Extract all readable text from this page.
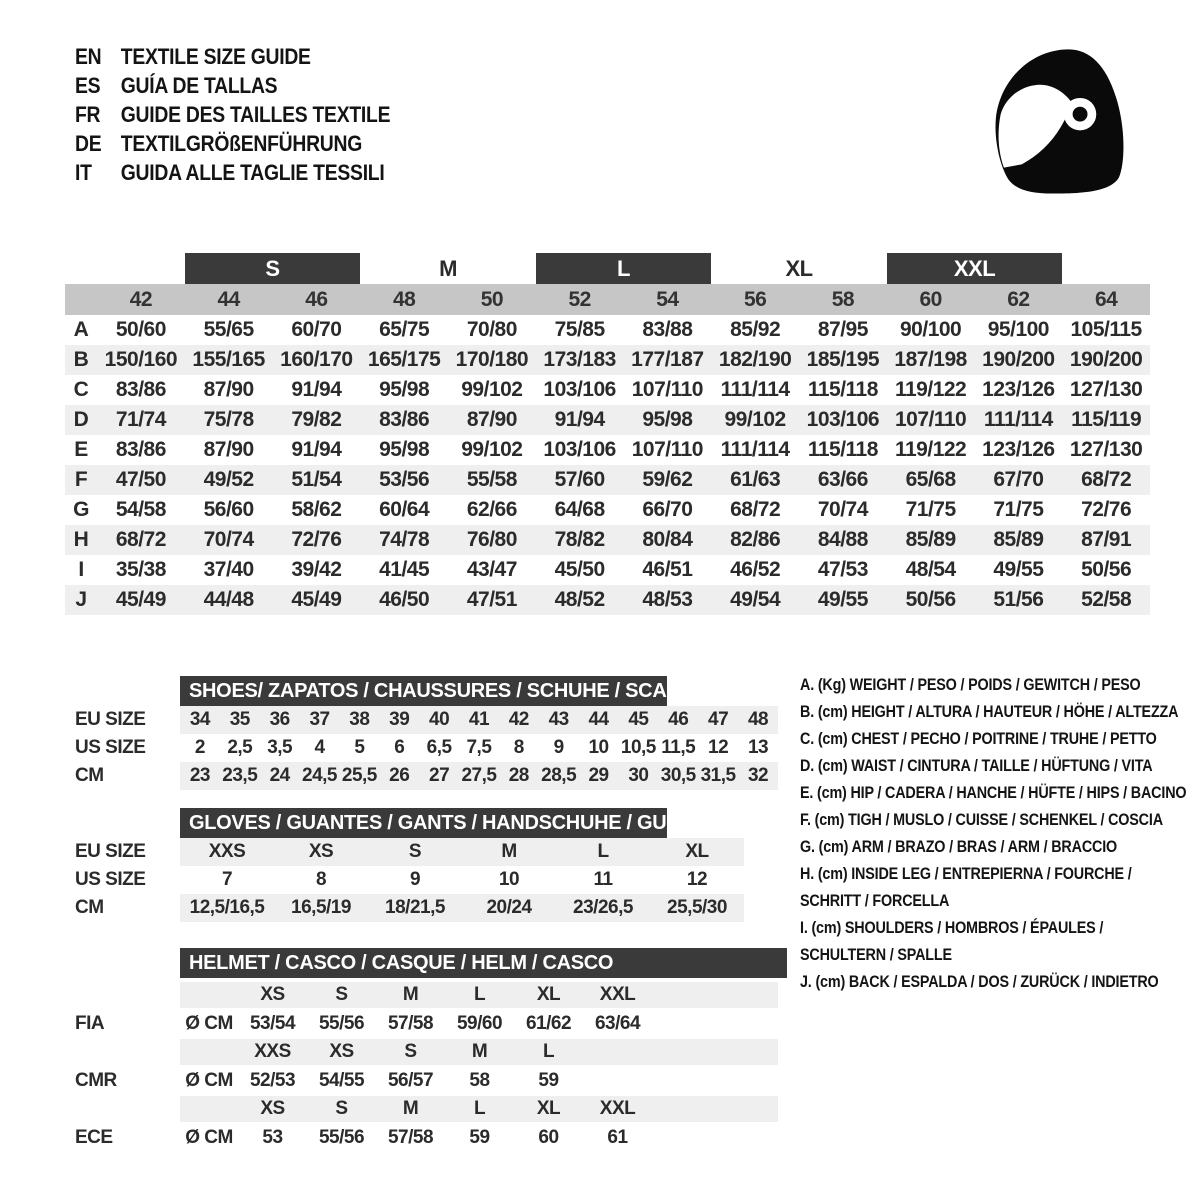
EN TEXTILE SIZE GUIDE
ES GUÍA DE TALLAS
FR GUIDE DES TAILLES TEXTILE
DE TEXTILGRÖßENFÜHRUNG
IT	GUIDA ALLE TAGLIE TESSILI
		S		M		L		XL		XXL		
	42	44	46	48	50	52	54	56	58	60	62	64
A	50/60	55/65	60/70	65/75	70/80	75/85	83/88	85/92	87/95	90/100	95/100	105/115
B	150/160	155/165	160/170	165/175	170/180	173/183	177/187	182/190	185/195	187/198	190/200	190/200
C	83/86	87/90	91/94	95/98	99/102	103/106	107/110	111/114	115/118	119/122	123/126	127/130
D	71/74	75/78	79/82	83/86	87/90	91/94	95/98	99/102	103/106	107/110	111/114	115/119
E	83/86	87/90	91/94	95/98	99/102	103/106	107/110	111/114	115/118	119/122	123/126	127/130
F	47/50	49/52	51/54	53/56	55/58	57/60	59/62	61/63	63/66	65/68	67/70	68/72
G	54/58	56/60	58/62	60/64	62/66	64/68	66/70	68/72	70/74	71/75	71/75	72/76
H	68/72	70/74	72/76	74/78	76/80	78/82	80/84	82/86	84/88	85/89	85/89	87/91
I	35/38	37/40	39/42	41/45	43/47	45/50	46/51	46/52	47/53	48/54	49/55	50/56
J	45/49	44/48	45/49	46/50	47/51	48/52	48/53	49/54	49/55	50/56	51/56	52/58
SHOES/ ZAPATOS / CHAUSSURES / SCHUHE / SCARPE
EU SIZE	34	35	36	37	38	39	40	41	42	43	44	45	46	47	48
US SIZE	2	2,5	3,5	4	5	6	6,5	7,5	8	9	10	10,5	11,5	12	13
CM	23	23,5	24	24,5	25,5	26	27	27,5	28	28,5	29	30	30,5	31,5	32
GLOVES / GUANTES / GANTS / HANDSCHUHE / GUANTI
EU SIZE	XXS	XS	S	M	L	XL	
US SIZE	7	8	9	10	11	12	
CM	12,5/16,5	16,5/19	18/21,5	20/24	23/26,5	25,5/30	
HELMET / CASCO / CASQUE / HELM / CASCO
		XS	S	M	L	XL	XXL	
FIA	Ø CM	53/54	55/56	57/58	59/60	61/62	63/64	
		XXS	XS	S	M	L		
CMR	Ø CM	52/53	54/55	56/57	58	59		
		XS	S	M	L	XL	XXL	
ECE	Ø CM	53	55/56	57/58	59	60	61	
A. (Kg) WEIGHT / PESO / POIDS / GEWITCH / PESO
B. (cm) HEIGHT / ALTURA / HAUTEUR / HÖHE / ALTEZZA
C. (cm) CHEST / PECHO / POITRINE / TRUHE / PETTO
D. (cm) WAIST / CINTURA / TAILLE / HÜFTUNG / VITA
E. (cm) HIP / CADERA / HANCHE / HÜFTE / HIPS / BACINO
F. (cm) TIGH / MUSLO / CUISSE / SCHENKEL / COSCIA
G. (cm) ARM / BRAZO / BRAS / ARM / BRACCIO
H. (cm) INSIDE LEG / ENTREPIERNA / FOURCHE /
SCHRITT / FORCELLA
I. (cm) SHOULDERS / HOMBROS / ÉPAULES /
SCHULTERN / SPALLE
J. (cm) BACK / ESPALDA / DOS / ZURÜCK / INDIETRO
